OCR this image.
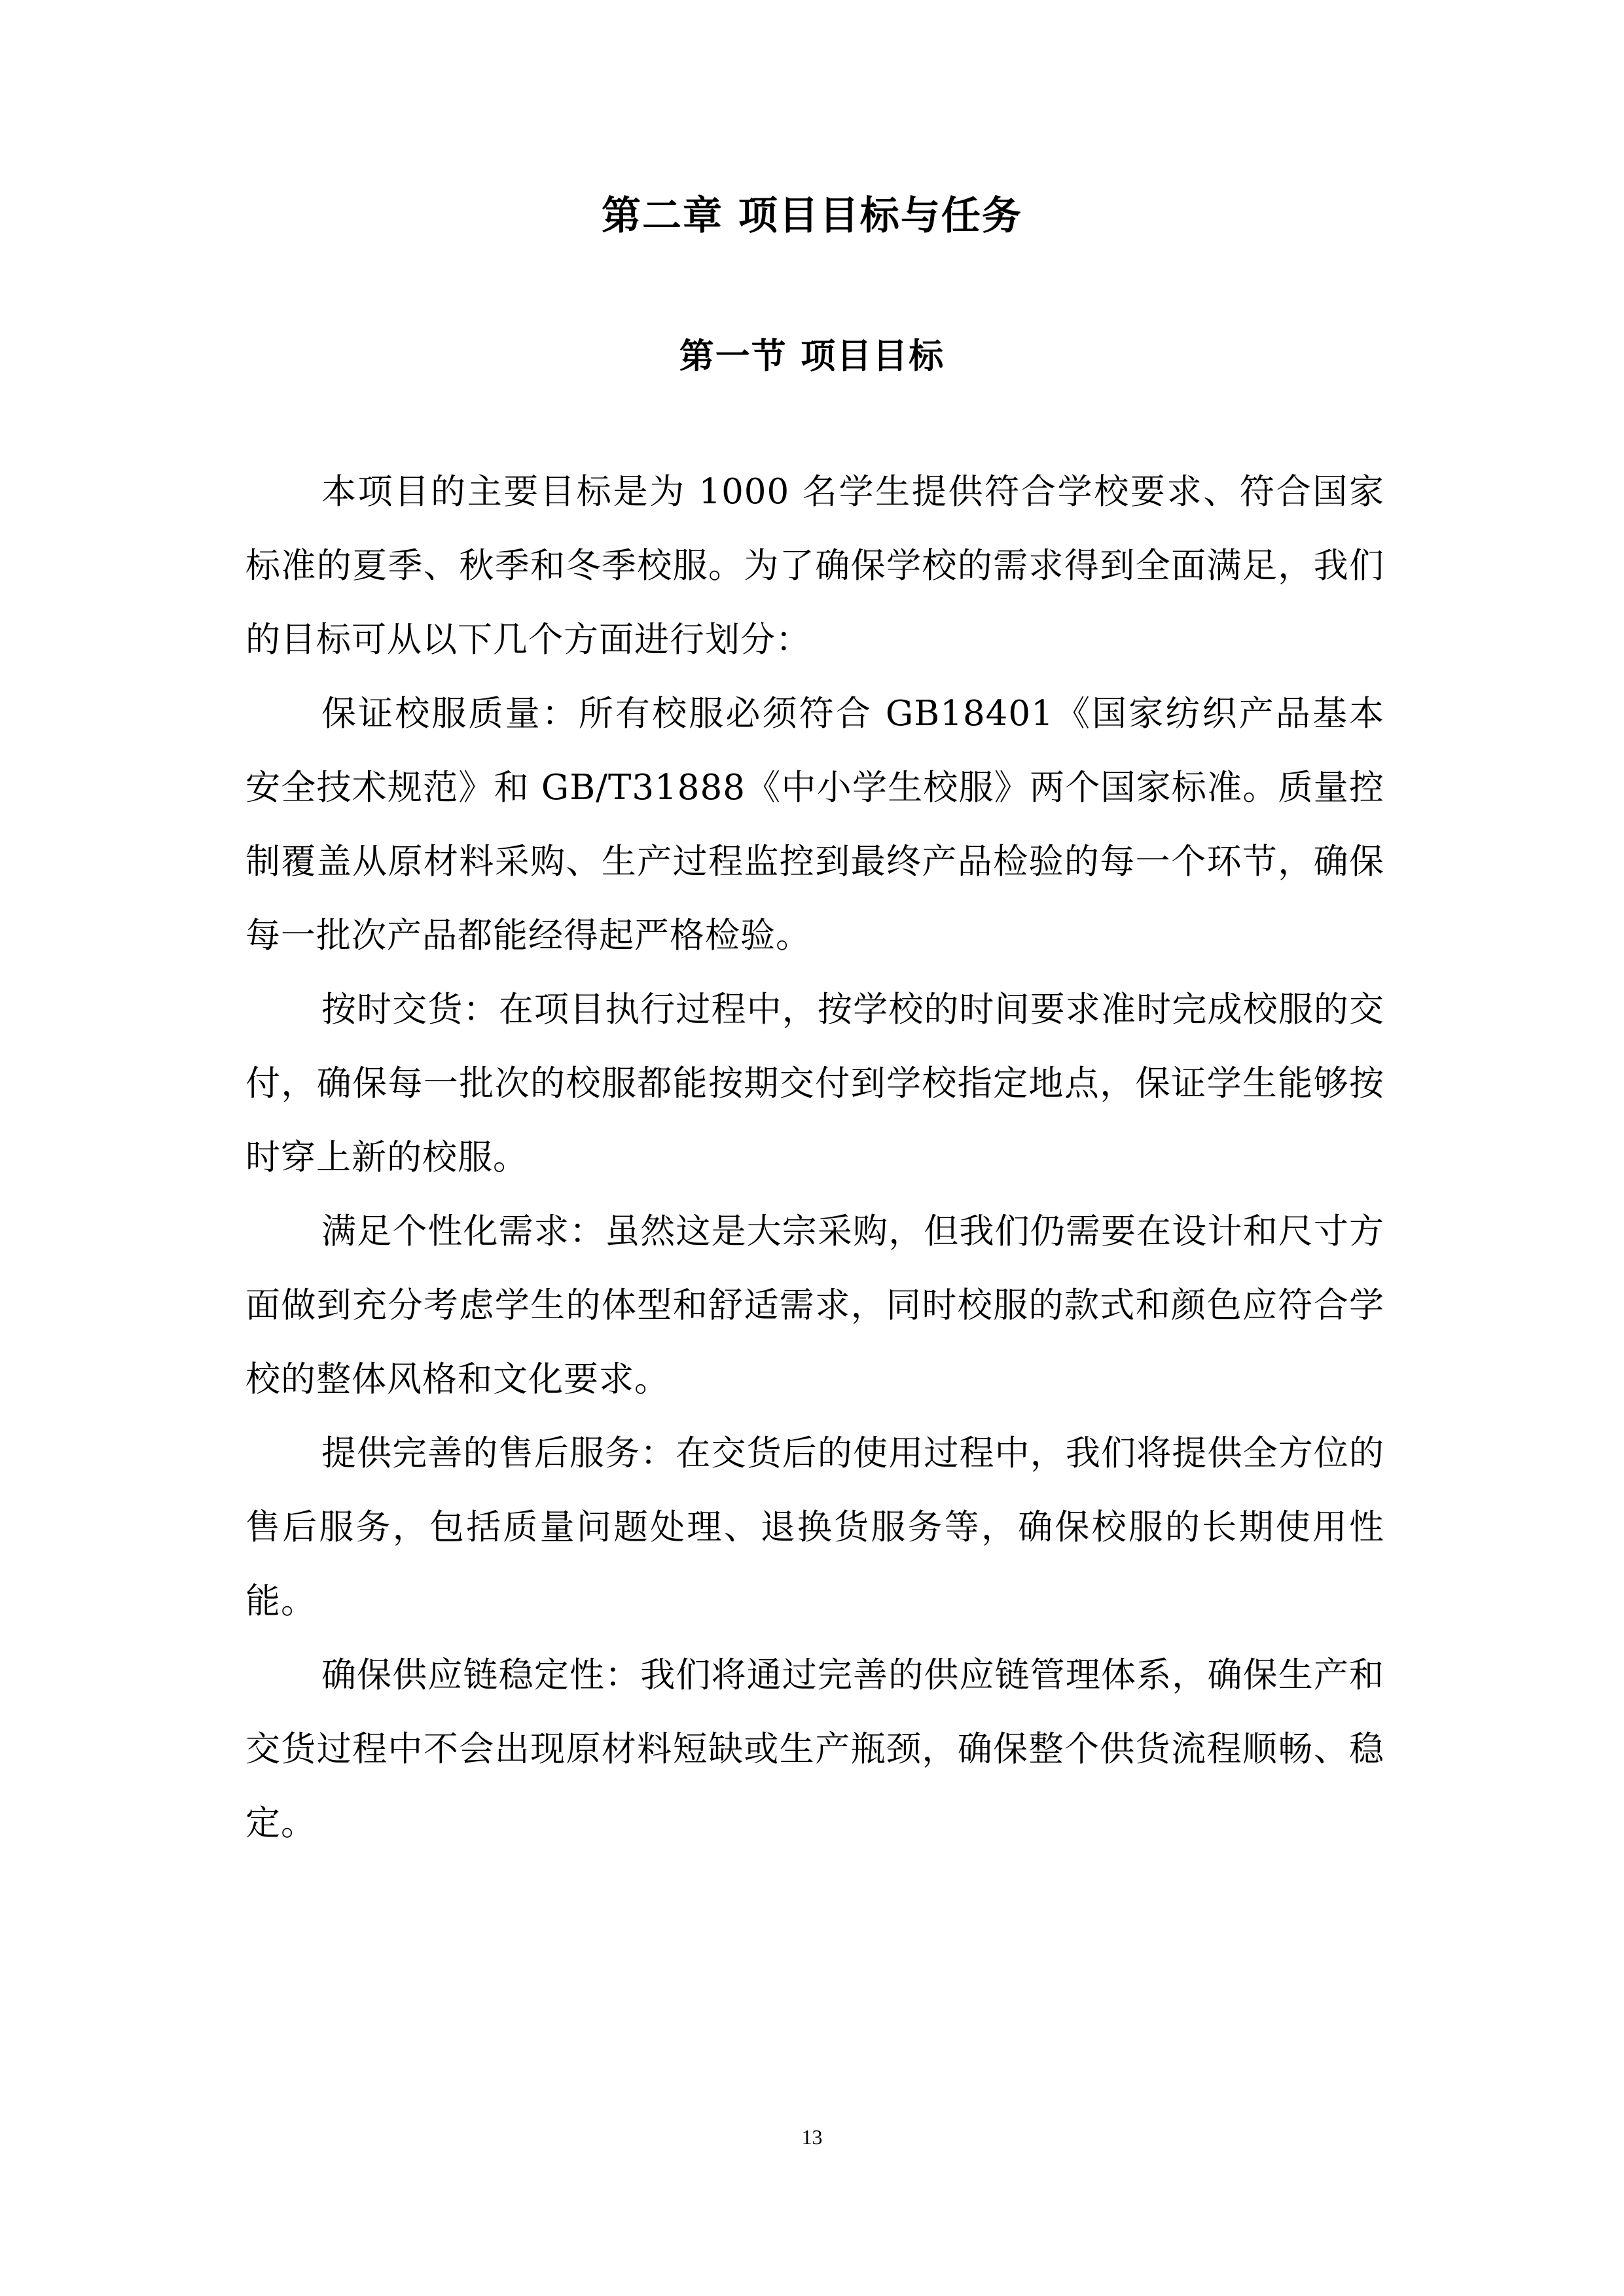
第二章 项目目标与任务
第一节 项目目标

本项目的主要目标是为 1000 名学生提供符合学校要求、符合国家标准的夏季、秋季和冬季校服。为了确保学校的需求得到全面满足，我们的目标可从以下几个方面进行划分：

保证校服质量：所有校服必须符合 GB18401《国家纺织产品基本安全技术规范》和 GB/T31888《中小学生校服》两个国家标准。质量控制覆盖从原材料采购、生产过程监控到最终产品检验的每一个环节，确保每一批次产品都能经得起严格检验。

按时交货：在项目执行过程中，按学校的时间要求准时完成校服的交付，确保每一批次的校服都能按期交付到学校指定地点，保证学生能够按时穿上新的校服。

满足个性化需求：虽然这是大宗采购，但我们仍需要在设计和尺寸方面做到充分考虑学生的体型和舒适需求，同时校服的款式和颜色应符合学校的整体风格和文化要求。

提供完善的售后服务：在交货后的使用过程中，我们将提供全方位的售后服务，包括质量问题处理、退换货服务等，确保校服的长期使用性能。

确保供应链稳定性：我们将通过完善的供应链管理体系，确保生产和交货过程中不会出现原材料短缺或生产瓶颈，确保整个供货流程顺畅、稳定。

13
